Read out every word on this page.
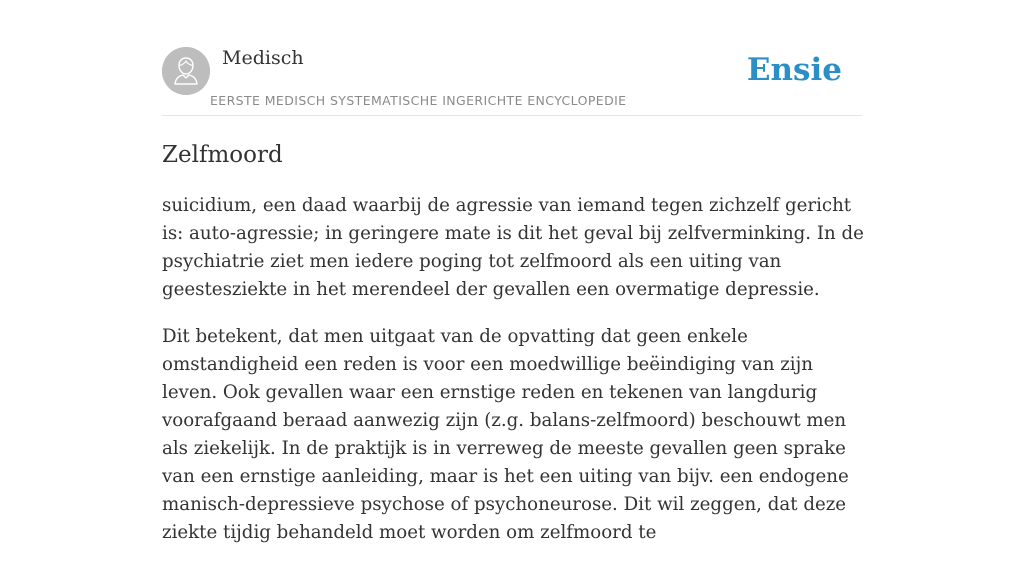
Medisch
EERSTE MEDISCH SYSTEMATISCHE INGERICHTE ENCYCLOPEDIE
Ensie
Zelfmoord

suicidium, een daad waarbij de agressie van iemand tegen zichzelf gericht is: auto-agressie; in geringere mate is dit het geval bij zelfverminking. In de psychiatrie ziet men iedere poging tot zelfmoord als een uiting van geestesziekte in het merendeel der gevallen een overmatige depressie.

Dit betekent, dat men uitgaat van de opvatting dat geen enkele omstandigheid een reden is voor een moedwillige beëindiging van zijn leven. Ook gevallen waar een ernstige reden en tekenen van langdurig voorafgaand beraad aanwezig zijn (z.g. balans-zelfmoord) beschouwt men als ziekelijk. In de praktijk is in verreweg de meeste gevallen geen sprake van een ernstige aanleiding, maar is het een uiting van bijv. een endogene manisch-depressieve psychose of psychoneurose. Dit wil zeggen, dat deze ziekte tijdig behandeld moet worden om zelfmoord te
